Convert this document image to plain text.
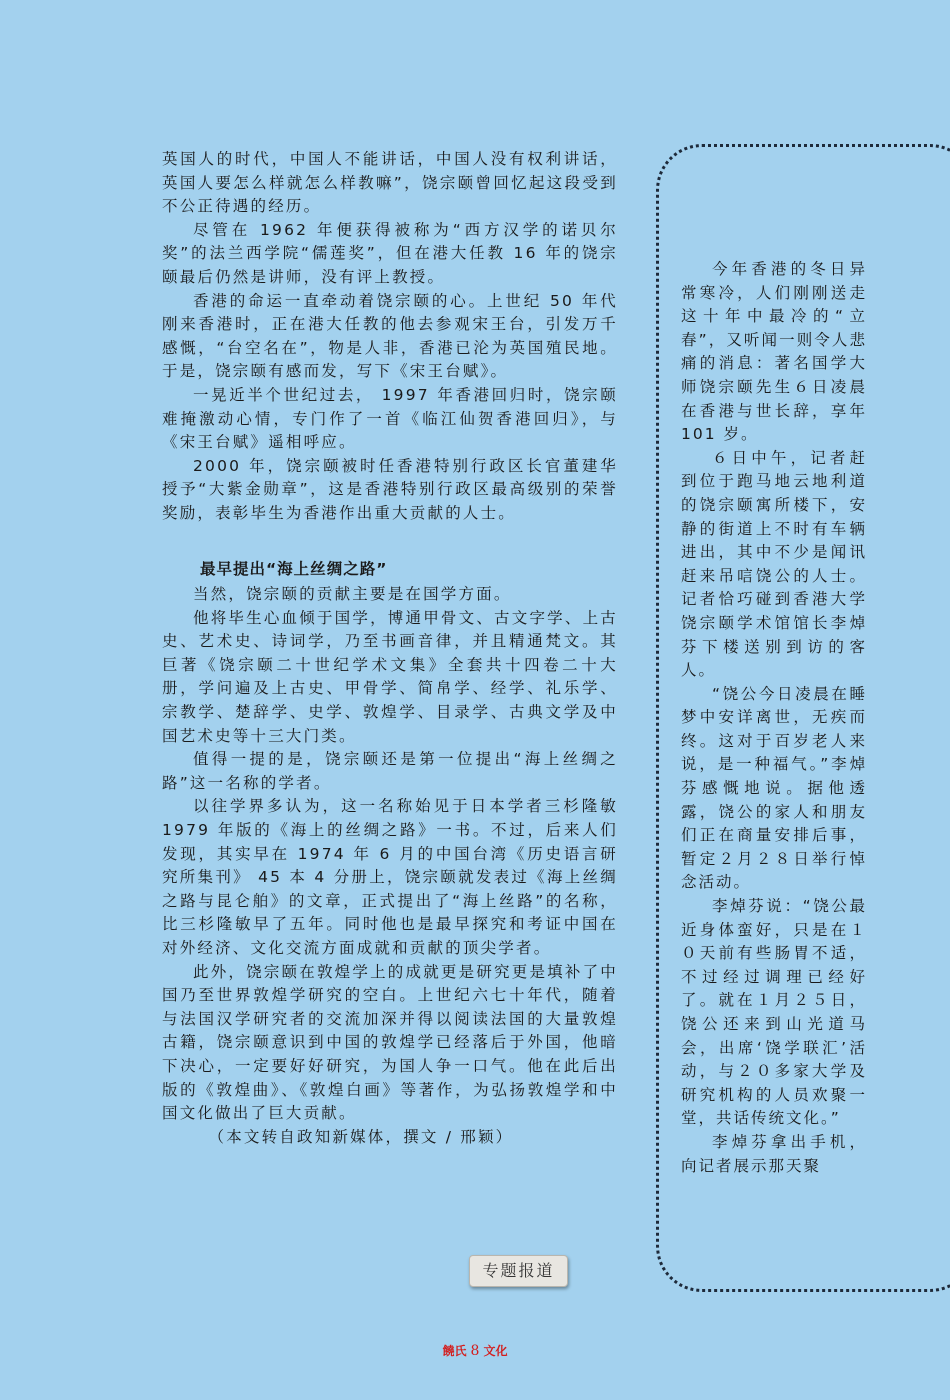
英国人的时代，中国人不能讲话，中国人没有权利讲话，英国人要怎么样就怎么样教嘛”，饶宗颐曾回忆起这段受到不公正待遇的经历。

尽管在 1962 年便获得被称为“西方汉学的诺贝尔奖”的法兰西学院“儒莲奖”，但在港大任教 16 年的饶宗颐最后仍然是讲师，没有评上教授。

香港的命运一直牵动着饶宗颐的心。上世纪 50 年代刚来香港时，正在港大任教的他去参观宋王台，引发万千感慨，“台空名在”，物是人非，香港已沦为英国殖民地。于是，饶宗颐有感而发，写下《宋王台赋》。

一晃近半个世纪过去， 1997 年香港回归时，饶宗颐难掩激动心情，专门作了一首《临江仙贺香港回归》，与《宋王台赋》遥相呼应。

2000 年，饶宗颐被时任香港特别行政区长官董建华授予“大紫金勋章”，这是香港特别行政区最高级别的荣誉奖励，表彰毕生为香港作出重大贡献的人士。

最早提出“海上丝绸之路”

当然，饶宗颐的贡献主要是在国学方面。

他将毕生心血倾于国学，博通甲骨文、古文字学、上古史、艺术史、诗词学，乃至书画音律，并且精通梵文。其巨著《饶宗颐二十世纪学术文集》全套共十四卷二十大册，学问遍及上古史、甲骨学、简帛学、经学、礼乐学、宗教学、楚辞学、史学、敦煌学、目录学、古典文学及中国艺术史等十三大门类。

值得一提的是，饶宗颐还是第一位提出“海上丝绸之路”这一名称的学者。

以往学界多认为，这一名称始见于日本学者三杉隆敏 1979 年版的《海上的丝绸之路》一书。不过，后来人们发现，其实早在 1974 年 6 月的中国台湾《历史语言研究所集刊》 45 本 4 分册上，饶宗颐就发表过《海上丝绸之路与昆仑舶》的文章，正式提出了“海上丝路”的名称，比三杉隆敏早了五年。同时他也是最早探究和考证中国在对外经济、文化交流方面成就和贡献的顶尖学者。

此外，饶宗颐在敦煌学上的成就更是研究更是填补了中国乃至世界敦煌学研究的空白。上世纪六七十年代，随着与法国汉学研究者的交流加深并得以阅读法国的大量敦煌古籍，饶宗颐意识到中国的敦煌学已经落后于外国，他暗下决心，一定要好好研究，为国人争一口气。他在此后出版的《敦煌曲》、《敦煌白画》等著作，为弘扬敦煌学和中国文化做出了巨大贡献。

（本文转自政知新媒体，撰文 / 邢颖）

今年香港的冬日异常寒冷，人们刚刚送走这十年中最冷的“立春”，又听闻一则令人悲痛的消息：著名国学大师饶宗颐先生６日凌晨在香港与世长辞，享年 101 岁。

６日中午，记者赶到位于跑马地云地利道的饶宗颐寓所楼下，安静的街道上不时有车辆进出，其中不少是闻讯赶来吊唁饶公的人士。记者恰巧碰到香港大学饶宗颐学术馆馆长李焯芬下楼送别到访的客人。

“饶公今日凌晨在睡梦中安详离世，无疾而终。这对于百岁老人来说，是一种福气。”李焯芬感慨地说。据他透露，饶公的家人和朋友们正在商量安排后事，暂定２月２８日举行悼念活动。

李焯芬说：“饶公最近身体蛮好，只是在１０天前有些肠胃不适，不过经过调理已经好了。就在１月２５日，饶公还来到山光道马会，出席‘饶学联汇’活动，与２０多家大学及研究机构的人员欢聚一堂，共话传统文化。”

李焯芬拿出手机，向记者展示那天聚

专题报道
饒氏 8 文化
